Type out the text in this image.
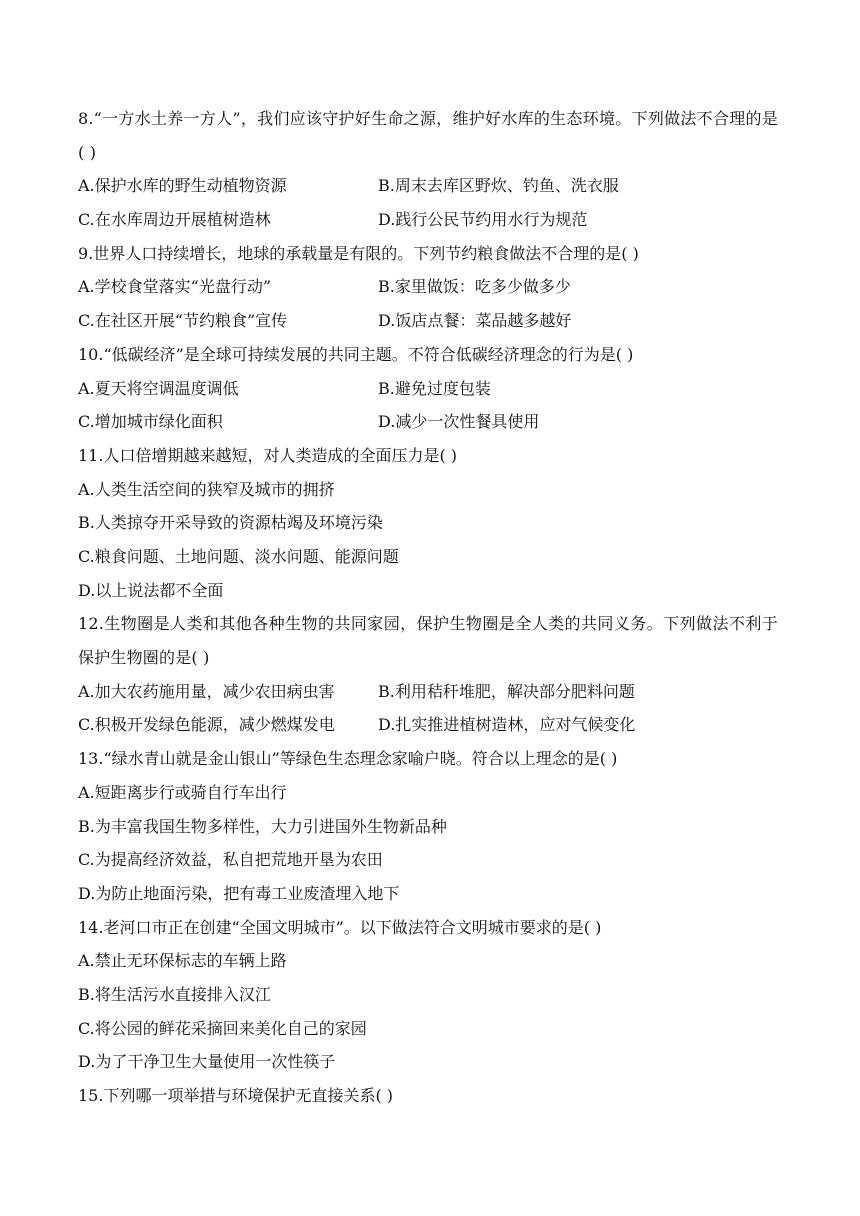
8.“一方水土养一方人”，我们应该守护好生命之源，维护好水库的生态环境。下列做法不合理的是( )
A.保护水库的野生动植物资源	B.周末去库区野炊、钓鱼、洗衣服
C.在水库周边开展植树造林	D.践行公民节约用水行为规范
9.世界人口持续增长，地球的承载量是有限的。下列节约粮食做法不合理的是( )
A.学校食堂落实“光盘行动”	B.家里做饭：吃多少做多少
C.在社区开展“节约粮食”宣传	D.饭店点餐：菜品越多越好
10.“低碳经济”是全球可持续发展的共同主题。不符合低碳经济理念的行为是( )
A.夏天将空调温度调低	B.避免过度包装
C.增加城市绿化面积	D.减少一次性餐具使用
11.人口倍增期越来越短，对人类造成的全面压力是( )
A.人类生活空间的狭窄及城市的拥挤
B.人类掠夺开采导致的资源枯竭及环境污染
C.粮食问题、土地问题、淡水问题、能源问题
D.以上说法都不全面
12.生物圈是人类和其他各种生物的共同家园，保护生物圈是全人类的共同义务。下列做法不利于保护生物圈的是( )
A.加大农药施用量，减少农田病虫害	B.利用秸秆堆肥，解决部分肥料问题
C.积极开发绿色能源，减少燃煤发电	D.扎实推进植树造林，应对气候变化
13.“绿水青山就是金山银山”等绿色生态理念家喻户晓。符合以上理念的是( )
A.短距离步行或骑自行车出行
B.为丰富我国生物多样性，大力引进国外生物新品种
C.为提高经济效益，私自把荒地开垦为农田
D.为防止地面污染，把有毒工业废渣埋入地下
14.老河口市正在创建“全国文明城市”。以下做法符合文明城市要求的是( )
A.禁止无环保标志的车辆上路
B.将生活污水直接排入汉江
C.将公园的鲜花采摘回来美化自己的家园
D.为了干净卫生大量使用一次性筷子
15.下列哪一项举措与环境保护无直接关系( )
